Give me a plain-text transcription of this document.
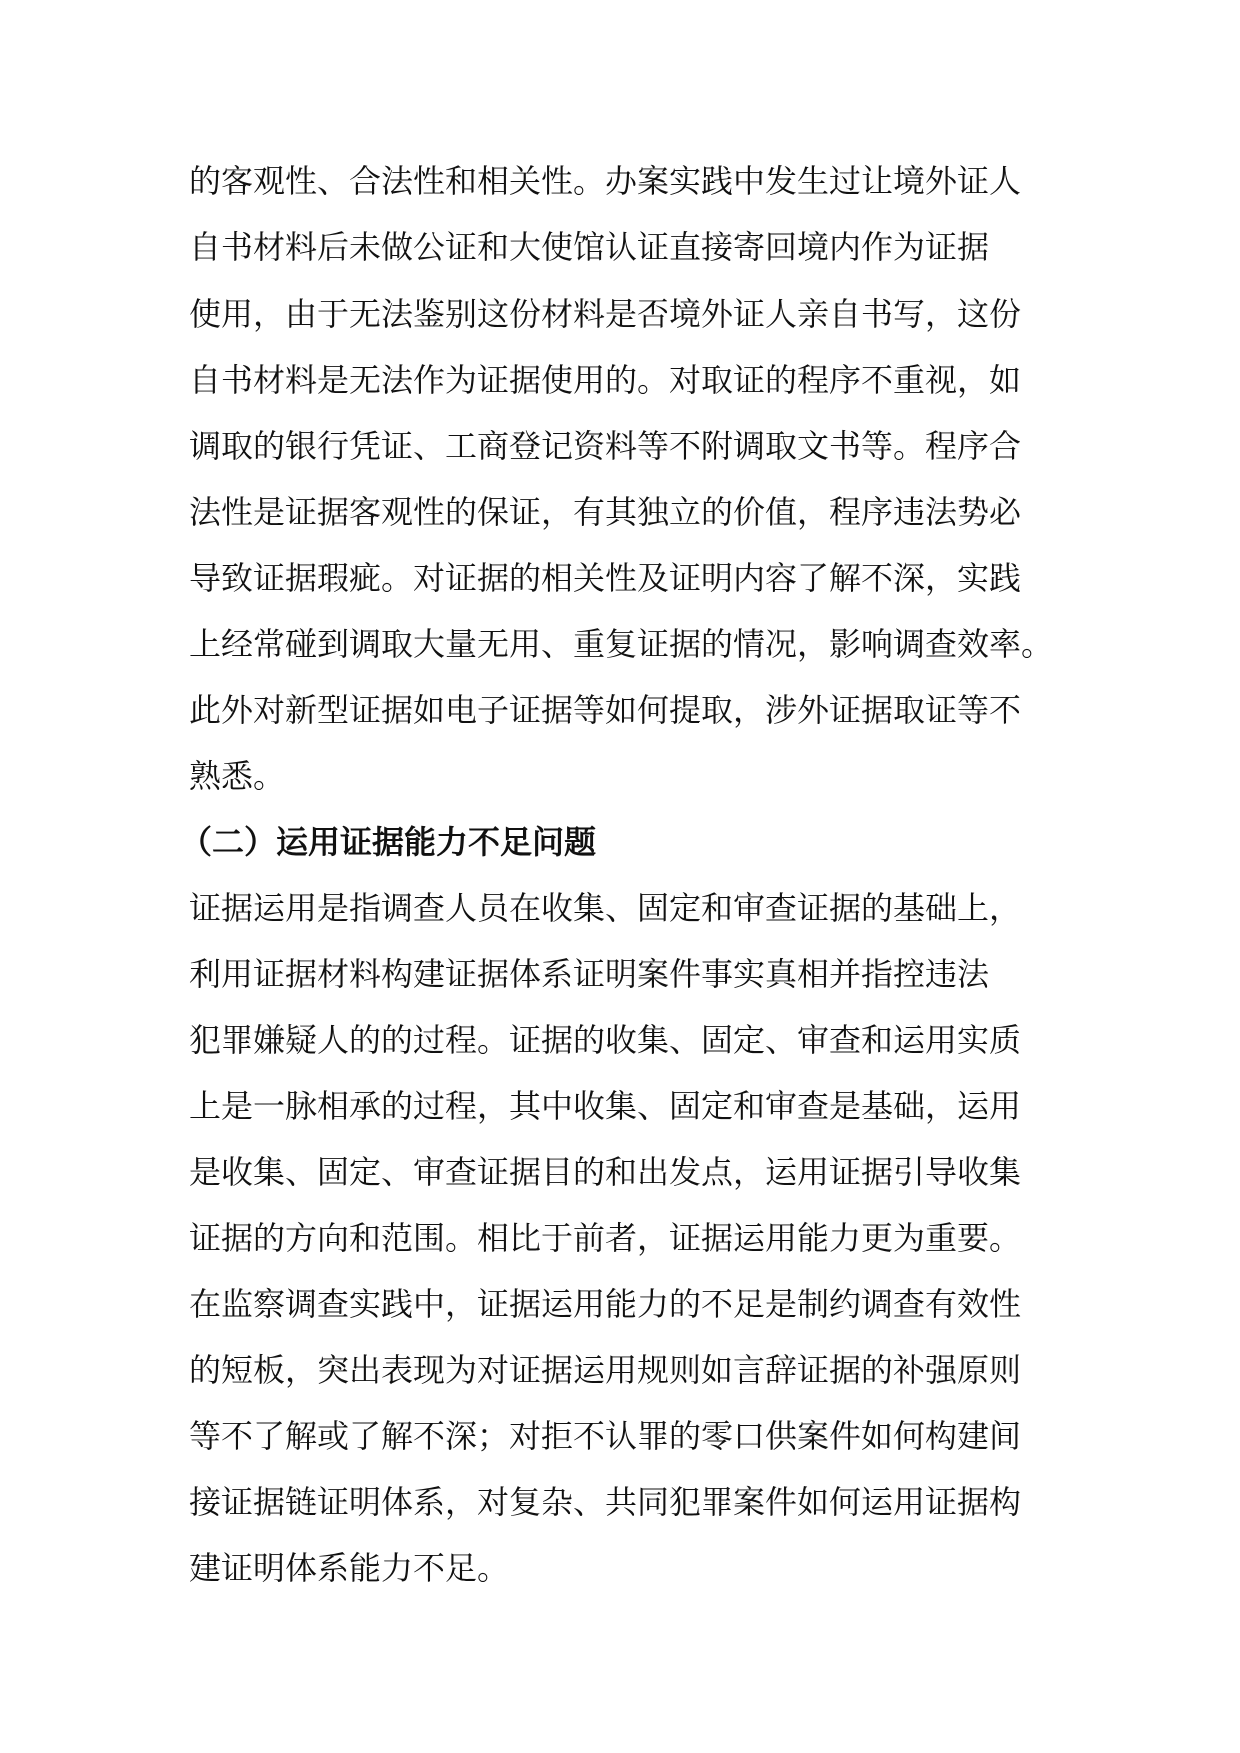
的客观性、合法性和相关性。办案实践中发生过让境外证人

自书材料后未做公证和大使馆认证直接寄回境内作为证据

使用，由于无法鉴别这份材料是否境外证人亲自书写，这份

自书材料是无法作为证据使用的。对取证的程序不重视，如

调取的银行凭证、工商登记资料等不附调取文书等。程序合

法性是证据客观性的保证，有其独立的价值，程序违法势必

导致证据瑕疵。对证据的相关性及证明内容了解不深，实践

上经常碰到调取大量无用、重复证据的情况，影响调查效率。

此外对新型证据如电子证据等如何提取，涉外证据取证等不

熟悉。

（二）运用证据能力不足问题

证据运用是指调查人员在收集、固定和审查证据的基础上，

利用证据材料构建证据体系证明案件事实真相并指控违法

犯罪嫌疑人的的过程。证据的收集、固定、审查和运用实质

上是一脉相承的过程，其中收集、固定和审查是基础，运用

是收集、固定、审查证据目的和出发点，运用证据引导收集

证据的方向和范围。相比于前者，证据运用能力更为重要。

在监察调查实践中，证据运用能力的不足是制约调查有效性

的短板，突出表现为对证据运用规则如言辞证据的补强原则

等不了解或了解不深；对拒不认罪的零口供案件如何构建间

接证据链证明体系，对复杂、共同犯罪案件如何运用证据构

建证明体系能力不足。
